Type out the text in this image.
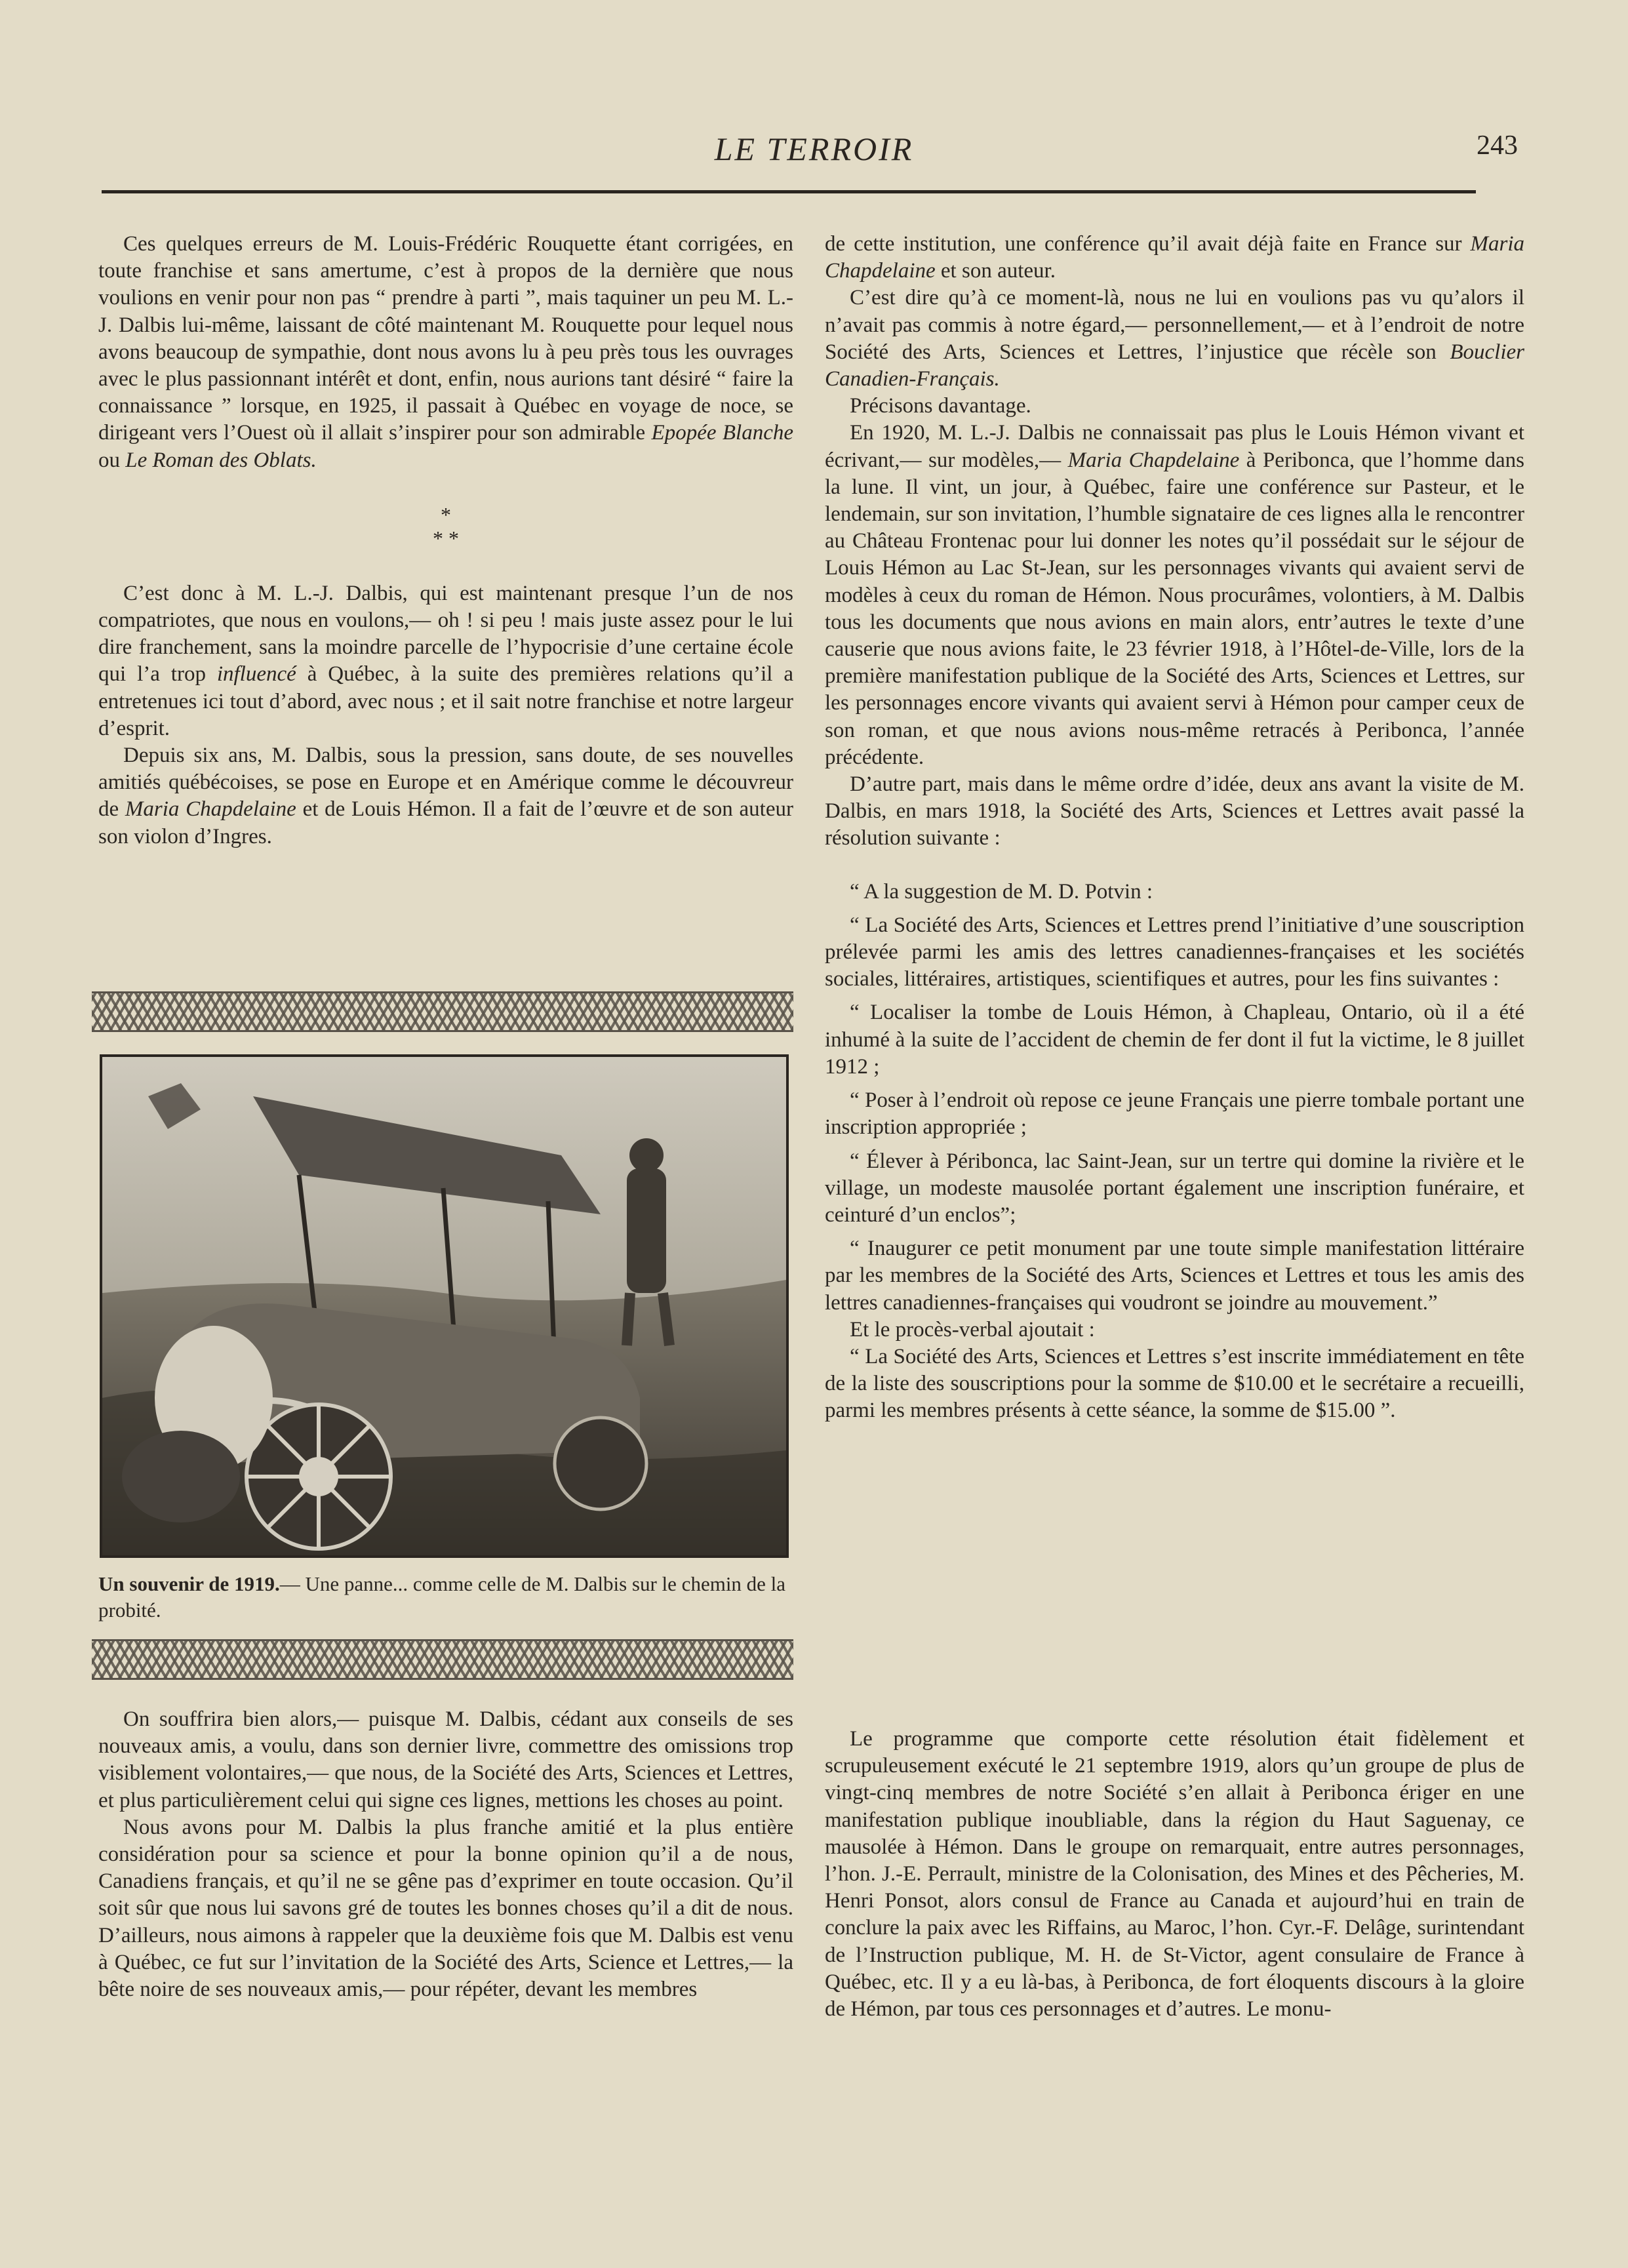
LE TERROIR	243

Ces quelques erreurs de M. Louis-Frédéric Rouquette étant corrigées, en toute franchise et sans amertume, c’est à propos de la dernière que nous voulions en venir pour non pas “ prendre à parti ”, mais taquiner un peu M. L.-J. Dalbis lui-même, laissant de côté maintenant M. Rouquette pour lequel nous avons beaucoup de sympathie, dont nous avons lu à peu près tous les ouvrages avec le plus passionnant intérêt et dont, enfin, nous aurions tant désiré “ faire la connaissance ” lorsque, en 1925, il passait à Québec en voyage de noce, se dirigeant vers l’Ouest où il allait s’inspirer pour son admirable Epopée Blanche ou Le Roman des Oblats.

*
* *

C’est donc à M. L.-J. Dalbis, qui est maintenant presque l’un de nos compatriotes, que nous en voulons,— oh ! si peu ! mais juste assez pour le lui dire franchement, sans la moindre parcelle de l’hypocrisie d’une certaine école qui l’a trop influencé à Québec, à la suite des premières relations qu’il a entretenues ici tout d’abord, avec nous ; et il sait notre franchise et notre largeur d’esprit.

Depuis six ans, M. Dalbis, sous la pression, sans doute, de ses nouvelles amitiés québécoises, se pose en Europe et en Amérique comme le découvreur de Maria Chapdelaine et de Louis Hémon. Il a fait de l’œuvre et de son auteur son violon d’Ingres.

Un souvenir de 1919.— Une panne... comme celle de M. Dalbis sur le chemin de la probité.

On souffrira bien alors,— puisque M. Dalbis, cédant aux conseils de ses nouveaux amis, a voulu, dans son dernier livre, commettre des omissions trop visiblement volontaires,— que nous, de la Société des Arts, Sciences et Lettres, et plus particulièrement celui qui signe ces lignes, mettions les choses au point.

Nous avons pour M. Dalbis la plus franche amitié et la plus entière considération pour sa science et pour la bonne opinion qu’il a de nous, Canadiens français, et qu’il ne se gêne pas d’exprimer en toute occasion. Qu’il soit sûr que nous lui savons gré de toutes les bonnes choses qu’il a dit de nous. D’ailleurs, nous aimons à rappeler que la deuxième fois que M. Dalbis est venu à Québec, ce fut sur l’invitation de la Société des Arts, Science et Lettres,— la bête noire de ses nouveaux amis,— pour répéter, devant les membres

de cette institution, une conférence qu’il avait déjà faite en France sur Maria Chapdelaine et son auteur.

C’est dire qu’à ce moment-là, nous ne lui en voulions pas vu qu’alors il n’avait pas commis à notre égard,— personnellement,— et à l’endroit de notre Société des Arts, Sciences et Lettres, l’injustice que récèle son Bouclier Canadien-Français.

Précisons davantage.

En 1920, M. L.-J. Dalbis ne connaissait pas plus le Louis Hémon vivant et écrivant,— sur modèles,— Maria Chapdelaine à Peribonca, que l’homme dans la lune. Il vint, un jour, à Québec, faire une conférence sur Pasteur, et le lendemain, sur son invitation, l’humble signataire de ces lignes alla le rencontrer au Château Frontenac pour lui donner les notes qu’il possédait sur le séjour de Louis Hémon au Lac St-Jean, sur les personnages vivants qui avaient servi de modèles à ceux du roman de Hémon. Nous procurâmes, volontiers, à M. Dalbis tous les documents que nous avions en main alors, entr’autres le texte d’une causerie que nous avions faite, le 23 février 1918, à l’Hôtel-de-Ville, lors de la première manifestation publique de la Société des Arts, Sciences et Lettres, sur les personnages encore vivants qui avaient servi à Hémon pour camper ceux de son roman, et que nous avions nous-même retracés à Peribonca, l’année précédente.

D’autre part, mais dans le même ordre d’idée, deux ans avant la visite de M. Dalbis, en mars 1918, la Société des Arts, Sciences et Lettres avait passé la résolution suivante :

“ A la suggestion de M. D. Potvin :

“ La Société des Arts, Sciences et Lettres prend l’initiative d’une souscription prélevée parmi les amis des lettres canadiennes-françaises et les sociétés sociales, littéraires, artistiques, scientifiques et autres, pour les fins suivantes :

“ Localiser la tombe de Louis Hémon, à Chapleau, Ontario, où il a été inhumé à la suite de l’accident de chemin de fer dont il fut la victime, le 8 juillet 1912 ;

“ Poser à l’endroit où repose ce jeune Français une pierre tombale portant une inscription appropriée ;

“ Élever à Péribonca, lac Saint-Jean, sur un tertre qui domine la rivière et le village, un modeste mausolée portant également une inscription funéraire, et ceinturé d’un enclos”;

“ Inaugurer ce petit monument par une toute simple manifestation littéraire par les membres de la Société des Arts, Sciences et Lettres et tous les amis des lettres canadiennes-françaises qui voudront se joindre au mouvement.”

Et le procès-verbal ajoutait :

“ La Société des Arts, Sciences et Lettres s’est inscrite immédiatement en tête de la liste des souscriptions pour la somme de $10.00 et le secrétaire a recueilli, parmi les membres présents à cette séance, la somme de $15.00 ”.

Le programme que comporte cette résolution était fidèlement et scrupuleusement exécuté le 21 septembre 1919, alors qu’un groupe de plus de vingt-cinq membres de notre Société s’en allait à Peribonca ériger en une manifestation publique inoubliable, dans la région du Haut Saguenay, ce mausolée à Hémon. Dans le groupe on remarquait, entre autres personnages, l’hon. J.-E. Perrault, ministre de la Colonisation, des Mines et des Pêcheries, M. Henri Ponsot, alors consul de France au Canada et aujourd’hui en train de conclure la paix avec les Riffains, au Maroc, l’hon. Cyr.-F. Delâge, surintendant de l’Instruction publique, M. H. de St-Victor, agent consulaire de France à Québec, etc. Il y a eu là-bas, à Peribonca, de fort éloquents discours à la gloire de Hémon, par tous ces personnages et d’autres. Le monu-
